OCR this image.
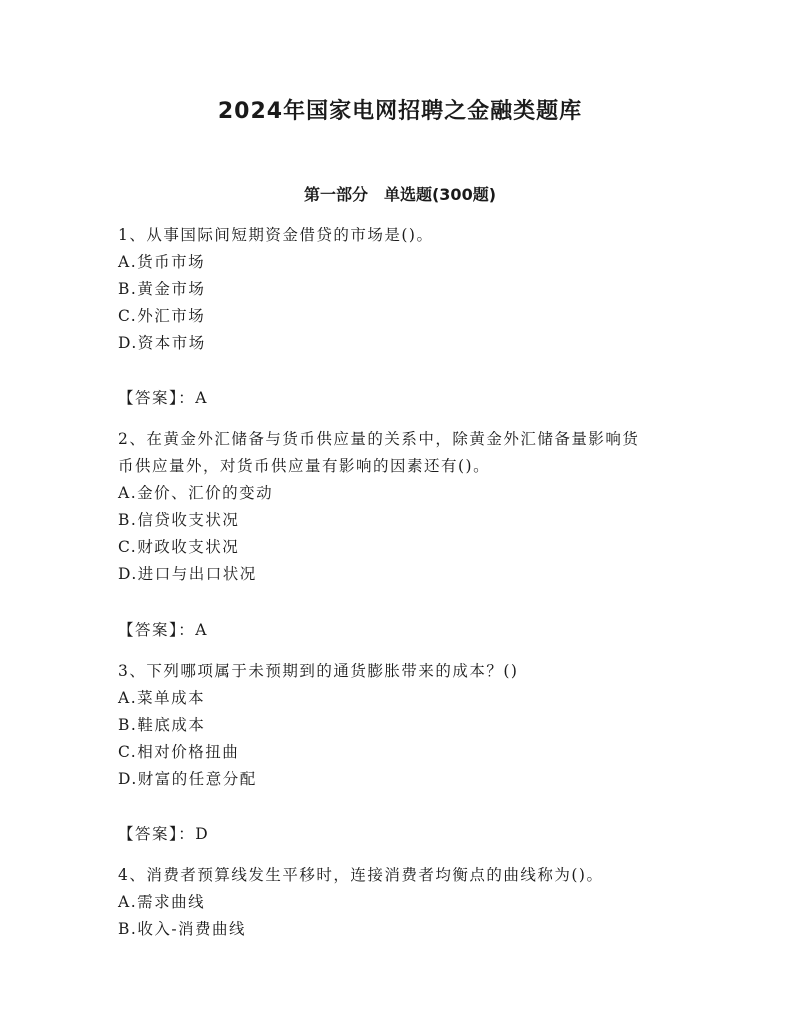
2024年国家电网招聘之金融类题库
第一部分　单选题(300题)
1、从事国际间短期资金借贷的市场是()。
A.货币市场
B.黄金市场
C.外汇市场
D.资本市场
【答案】：A
2、在黄金外汇储备与货币供应量的关系中，除黄金外汇储备量影响货
币供应量外，对货币供应量有影响的因素还有()。
A.金价、汇价的变动
B.信贷收支状况
C.财政收支状况
D.进口与出口状况
【答案】：A
3、下列哪项属于未预期到的通货膨胀带来的成本？()
A.菜单成本
B.鞋底成本
C.相对价格扭曲
D.财富的任意分配
【答案】：D
4、消费者预算线发生平移时，连接消费者均衡点的曲线称为()。
A.需求曲线
B.收入-消费曲线
